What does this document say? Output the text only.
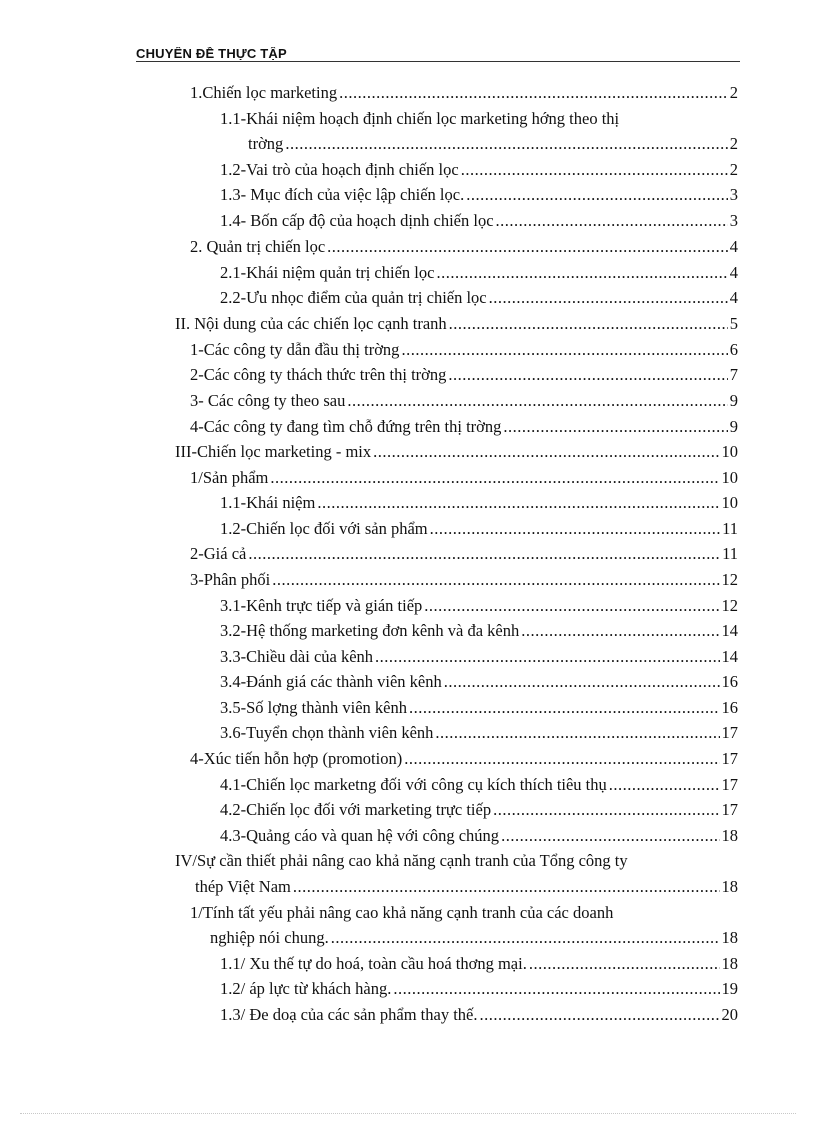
CHUYÊN ĐỀ THỰC TẬP
1.Chiến lọc marketing .....	2
1.1-Khái niệm hoạch định chiến lọc marketing hớng theo thị
trờng .....	2
1.2-Vai trò của hoạch định chiến lọc .....	2
1.3- Mục đích của việc lập chiến lọc. .....	3
1.4- Bốn cấp độ của hoạch dịnh chiến lọc .....	3
2. Quản trị chiến lọc .....	4
2.1-Khái niệm quản trị chiến lọc .....	4
2.2-Ưu nhọc điểm của quản trị chiến lọc .....	4
II. Nội dung của các chiến lọc cạnh tranh .....	5
1-Các công ty dẫn đầu thị trờng .....	6
2-Các công ty thách thức trên thị trờng .....	7
3- Các công ty theo sau .....	9
4-Các công ty đang tìm chỗ đứng trên thị trờng .....	9
III-Chiến lọc marketing - mix .....	10
1/Sản phẩm .....	10
1.1-Khái niệm .....	10
1.2-Chiến lọc đối với sản phẩm .....	11
2-Giá cả .....	11
3-Phân phối .....	12
3.1-Kênh trực tiếp và gián tiếp .....	12
3.2-Hệ thống marketing đơn kênh và đa kênh .....	14
3.3-Chiều dài của kênh .....	14
3.4-Đánh giá các thành viên kênh .....	16
3.5-Số lợng thành viên kênh .....	16
3.6-Tuyển chọn thành viên kênh .....	17
4-Xúc tiến hỗn hợp (promotion) .....	17
4.1-Chiến lọc marketng đối với công cụ kích thích tiêu thụ .....	17
4.2-Chiến lọc đối với marketing trực tiếp .....	17
4.3-Quảng cáo và quan hệ với công chúng .....	18
IV/Sự cần thiết phải nâng cao khả năng cạnh tranh của Tổng công ty
thép Việt Nam .....	18
1/Tính tất yếu phải nâng cao khả năng cạnh tranh của các doanh
nghiệp nói chung. .....	18
1.1/ Xu thế tự do hoá, toàn cầu hoá thơng mại. .....	18
1.2/ áp lực từ khách hàng. .....	19
1.3/ Đe doạ của các sản phẩm thay thế. .....	20
